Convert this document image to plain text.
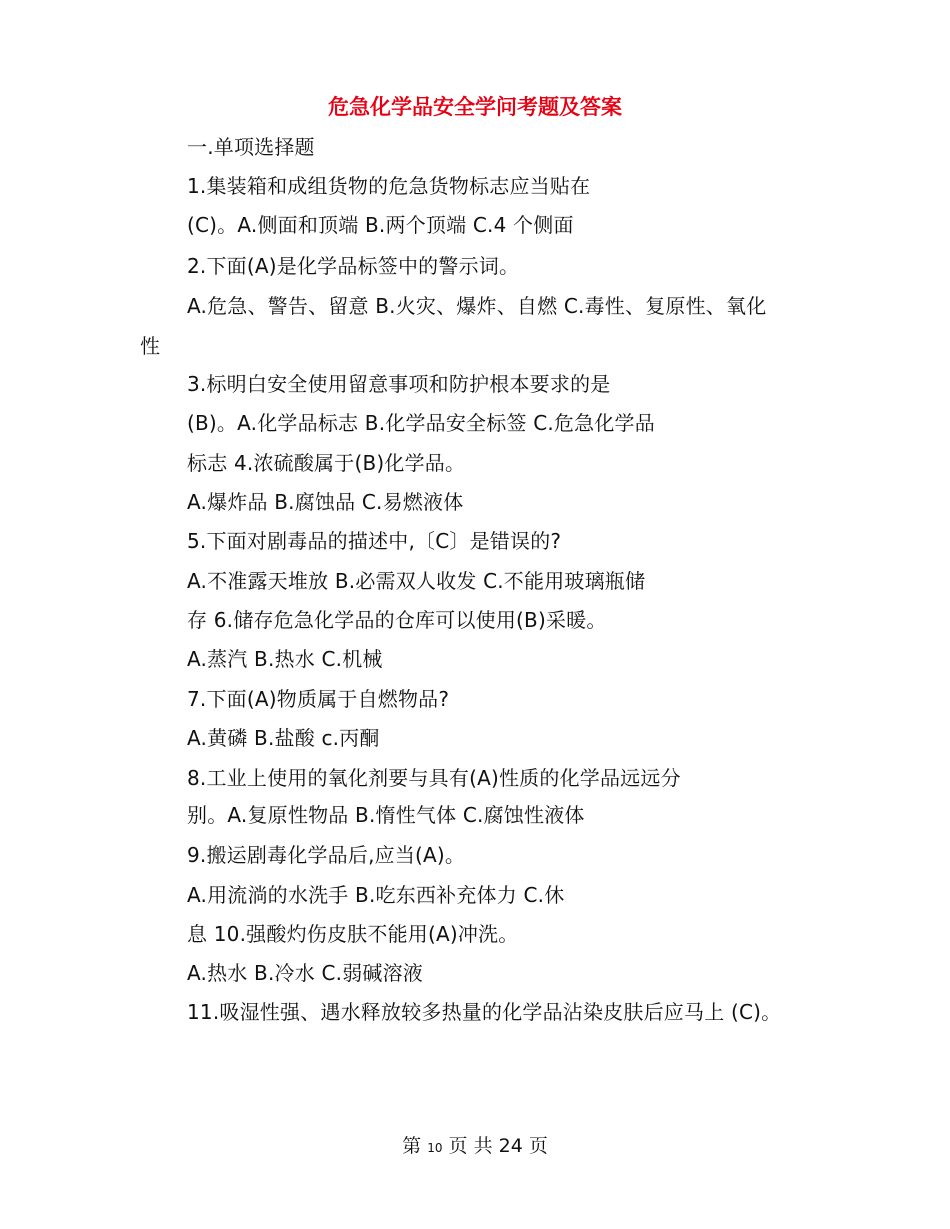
危急化学品安全学问考题及答案
一.单项选择题
1.集装箱和成组货物的危急货物标志应当贴在
(C)。A.侧面和顶端 B.两个顶端 C.4 个侧面
2.下面(A)是化学品标签中的警示词。
A.危急、警告、留意 B.火灾、爆炸、自燃 C.毒性、复原性、氧化
性
3.标明白安全使用留意事项和防护根本要求的是
(B)。A.化学品标志 B.化学品安全标签 C.危急化学品
标志 4.浓硫酸属于(B)化学品。
A.爆炸品 B.腐蚀品 C.易燃液体
5.下面对剧毒品的描述中,〔C〕是错误的?
A.不准露天堆放 B.必需双人收发 C.不能用玻璃瓶储
存 6.储存危急化学品的仓库可以使用(B)采暖。
A.蒸汽 B.热水 C.机械
7.下面(A)物质属于自燃物品?
A.黄磷 B.盐酸 c.丙酮
8.工业上使用的氧化剂要与具有(A)性质的化学品远远分
别。A.复原性物品 B.惰性气体 C.腐蚀性液体
9.搬运剧毒化学品后,应当(A)。
A.用流淌的水洗手 B.吃东西补充体力 C.休
息 10.强酸灼伤皮肤不能用(A)冲洗。
A.热水 B.冷水 C.弱碱溶液
11.吸湿性强、遇水释放较多热量的化学品沾染皮肤后应马上 (C)。
第 10 页 共 24 页
